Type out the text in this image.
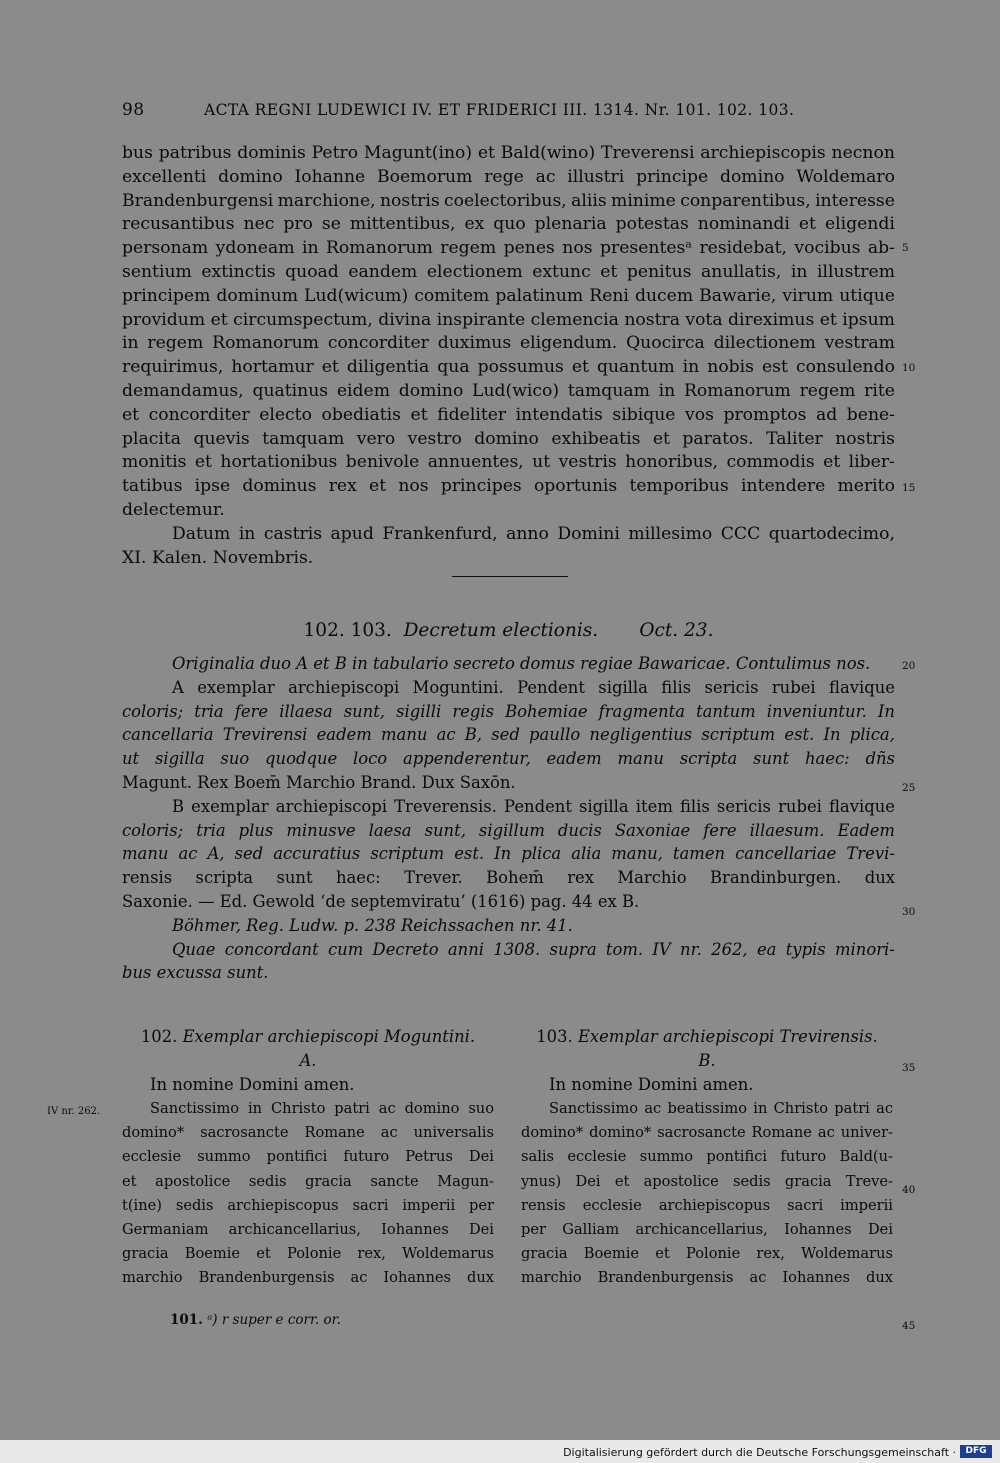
98	ACTA REGNI LUDEWICI IV. ET FRIDERICI III. 1314. Nr. 101. 102. 103.
bus patribus dominis Petro Magunt(ino) et Bald(wino) Treverensi archiepiscopis necnon
excellenti domino Iohanne Boemorum rege ac illustri principe domino Woldemaro
Brandenburgensi marchione, nostris coelectoribus, aliis minime conparentibus, interesse
recusantibus nec pro se mittentibus, ex quo plenaria potestas nominandi et eligendi
personam ydoneam in Romanorum regem penes nos presentesᵃ residebat, vocibus ab-
sentium extinctis quoad eandem electionem extunc et penitus anullatis, in illustrem
principem dominum Lud(wicum) comitem palatinum Reni ducem Bawarie, virum utique
providum et circumspectum, divina inspirante clemencia nostra vota direximus et ipsum
in regem Romanorum concorditer duximus eligendum. Quocirca dilectionem vestram
requirimus, hortamur et diligentia qua possumus et quantum in nobis est consulendo
demandamus, quatinus eidem domino Lud(wico) tamquam in Romanorum regem rite
et concorditer electo obediatis et fideliter intendatis sibique vos promptos ad bene-
placita quevis tamquam vero vestro domino exhibeatis et paratos. Taliter nostris
monitis et hortationibus benivole annuentes, ut vestris honoribus, commodis et liber-
tatibus ipse dominus rex et nos principes oportunis temporibus intendere merito
delectemur.
Datum in castris apud Frankenfurd, anno Domini millesimo CCC quartodecimo,
XI. Kalen. Novembris.
5
10
15
102. 103. Decretum electionis. Oct. 23.
Originalia duo A et B in tabulario secreto domus regiae Bawaricae. Contulimus nos.
A exemplar archiepiscopi Moguntini. Pendent sigilla filis sericis rubei flavique
coloris; tria fere illaesa sunt, sigilli regis Bohemiae fragmenta tantum inveniuntur. In
cancellaria Trevirensi eadem manu ac B, sed paullo negligentius scriptum est. In plica,
ut sigilla suo quodque loco appenderentur, eadem manu scripta sunt haec: dñs
Magunt. Rex Boem̄ Marchio Brand. Dux Saxōn.
B exemplar archiepiscopi Treverensis. Pendent sigilla item filis sericis rubei flavique
coloris; tria plus minusve laesa sunt, sigillum ducis Saxoniae fere illaesum. Eadem
manu ac A, sed accuratius scriptum est. In plica alia manu, tamen cancellariae Trevi-
rensis scripta sunt haec: Trever. Bohem̄ rex Marchio Brandinburgen. dux
Saxonie. — Ed. Gewold ‘de septemviratu’ (1616) pag. 44 ex B.
Böhmer, Reg. Ludw. p. 238 Reichssachen nr. 41.
Quae concordant cum Decreto anni 1308. supra tom. IV nr. 262, ea typis minori-
bus excussa sunt.
20
25
30
102. Exemplar archiepiscopi Moguntini.
A.
In nomine Domini amen.
Sanctissimo in Christo patri ac domino suo
domino* sacrosancte Romane ac universalis
ecclesie summo pontifici futuro Petrus Dei
et apostolice sedis gracia sancte Magun-
t(ine) sedis archiepiscopus sacri imperii per
Germaniam archicancellarius, Iohannes Dei
gracia Boemie et Polonie rex, Woldemarus
marchio Brandenburgensis ac Iohannes dux
IV nr. 262.
103. Exemplar archiepiscopi Trevirensis.
B.
In nomine Domini amen.
Sanctissimo ac beatissimo in Christo patri ac
domino* domino* sacrosancte Romane ac univer-
salis ecclesie summo pontifici futuro Bald(u-
ynus) Dei et apostolice sedis gracia Treve-
rensis ecclesie archiepiscopus sacri imperii
per Galliam archicancellarius, Iohannes Dei
gracia Boemie et Polonie rex, Woldemarus
marchio Brandenburgensis ac Iohannes dux
35
40
101. ᵃ) r super e corr. or.	45
Digitalisierung gefördert durch die Deutsche Forschungsgemeinschaft ·	DFG
